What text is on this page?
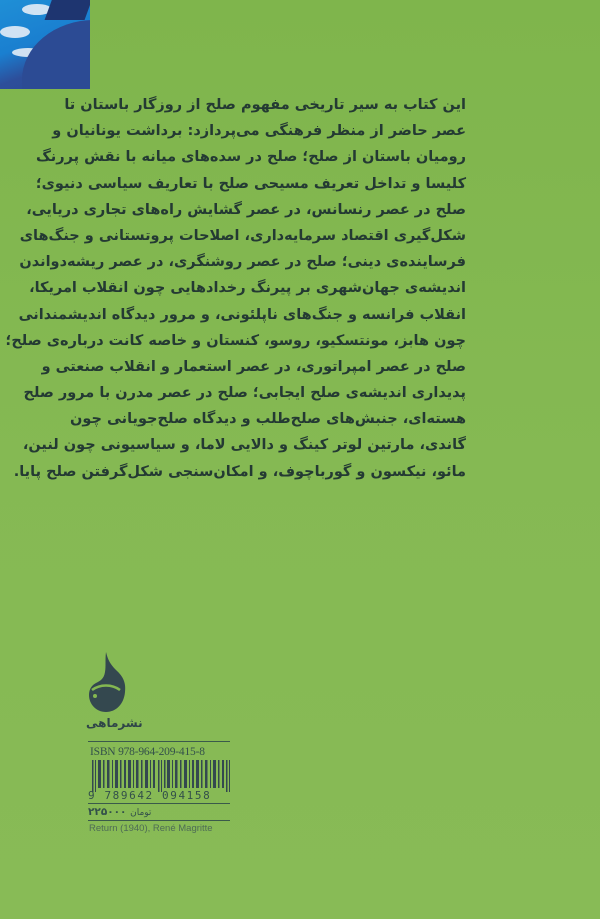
این کتاب به سیر تاریخی مفهوم صلح از روزگار باستان تا
عصر حاضر از منظر فرهنگی می‌پردازد: برداشت یونانیان و
رومیان باستان از صلح؛ صلح در سده‌های میانه با نقش پررنگ
کلیسا و تداخل تعریف مسیحی صلح با تعاریف سیاسی دنیوی؛
صلح در عصر رنسانس، در عصر گشایش راه‌های تجاری دریایی،
شکل‌گیری اقتصاد سرمایه‌داری، اصلاحات پروتستانی و جنگ‌های
فرساینده‌ی دینی؛ صلح در عصر روشنگری، در عصر ریشه‌دواندن
اندیشه‌ی جهان‌شهری بر پیرنگ رخدادهایی چون انقلاب امریکا،
انقلاب فرانسه و جنگ‌های ناپلئونی، و مرور دیدگاه اندیشمندانی
چون هابز، مونتسکیو، روسو، کنستان و خاصه کانت درباره‌ی صلح؛
صلح در عصر امپراتوری، در عصر استعمار و انقلاب صنعتی و
پدیداری اندیشه‌ی صلح ایجابی؛ صلح در عصر مدرن با مرور صلح
هسته‌ای، جنبش‌های صلح‌طلب و دیدگاه صلح‌جویانی چون
گاندی، مارتین لوتر کینگ و دالایی لاما، و سیاسیونی چون لنین،
مائو، نیکسون و گورباچوف، و امکان‌سنجی شکل‌گرفتن صلح پایا.
نشرماهی
ISBN 978-964-209-415-8
9 789642 094158
تومان ۲۲۵۰۰۰
Return (1940), René Magritte
